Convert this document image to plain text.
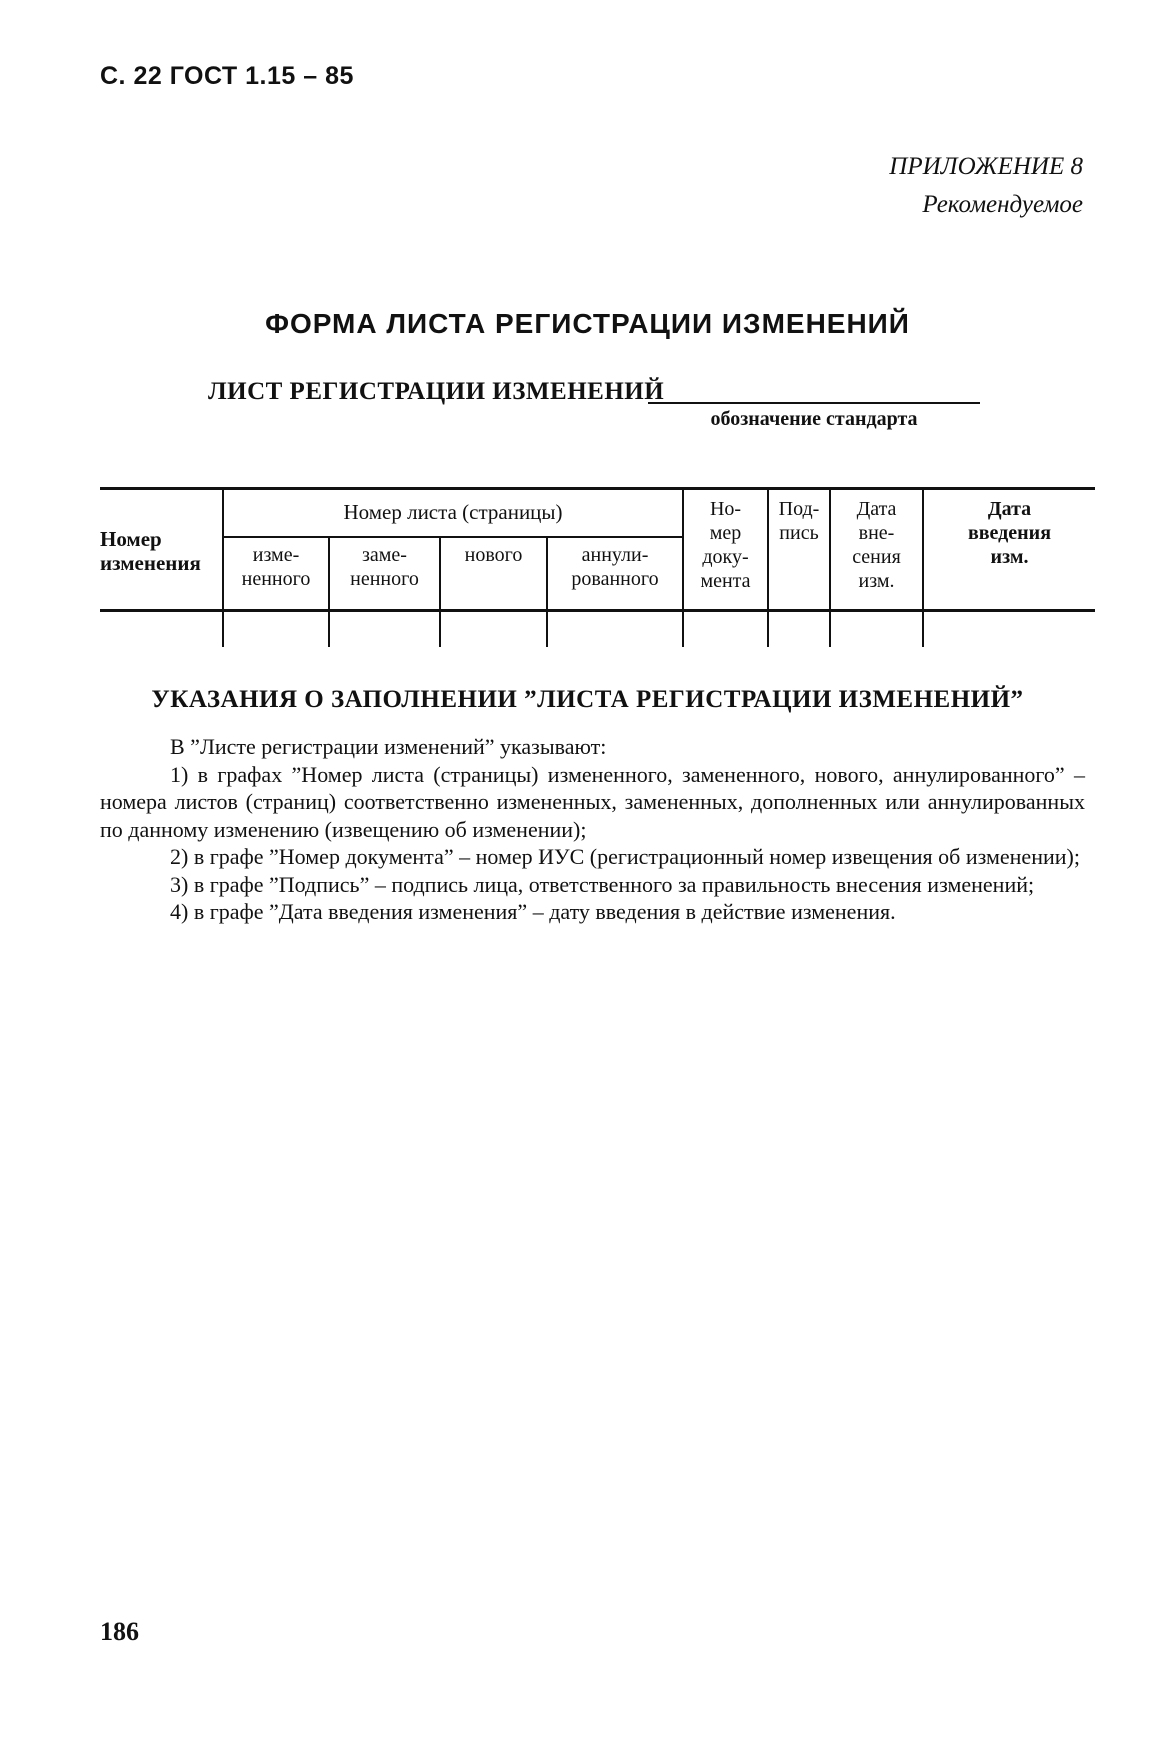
С. 22 ГОСТ 1.15 – 85
ПРИЛОЖЕНИЕ 8
Рекомендуемое
ФОРМА ЛИСТА РЕГИСТРАЦИИ ИЗМЕНЕНИЙ
ЛИСТ РЕГИСТРАЦИИ ИЗМЕНЕНИЙ
обозначение стандарта
Номер изменения
Номер листа (страницы)
изме-
ненного
заме-
ненного
нового	аннули-
рованного
Но-
мер
доку-
мента
Под-
пись
Дата
вне-
сения
изм.
Дата
введения
изм.
УКАЗАНИЯ О ЗАПОЛНЕНИИ ”ЛИСТА РЕГИСТРАЦИИ ИЗМЕНЕНИЙ”

В ”Листе регистрации изменений” указывают:

1) в графах ”Номер листа (страницы) измененного, замененного, нового, аннулированного” – номера листов (страниц) соответственно измененных, замененных, дополненных или аннулированных по данному изменению (извещению об изменении);

2) в графе ”Номер документа” – номер ИУС (регистрационный номер извещения об изменении);

3) в графе ”Подпись” – подпись лица, ответственного за правильность внесения изменений;

4) в графе ”Дата введения изменения” – дату введения в действие изменения.

186
